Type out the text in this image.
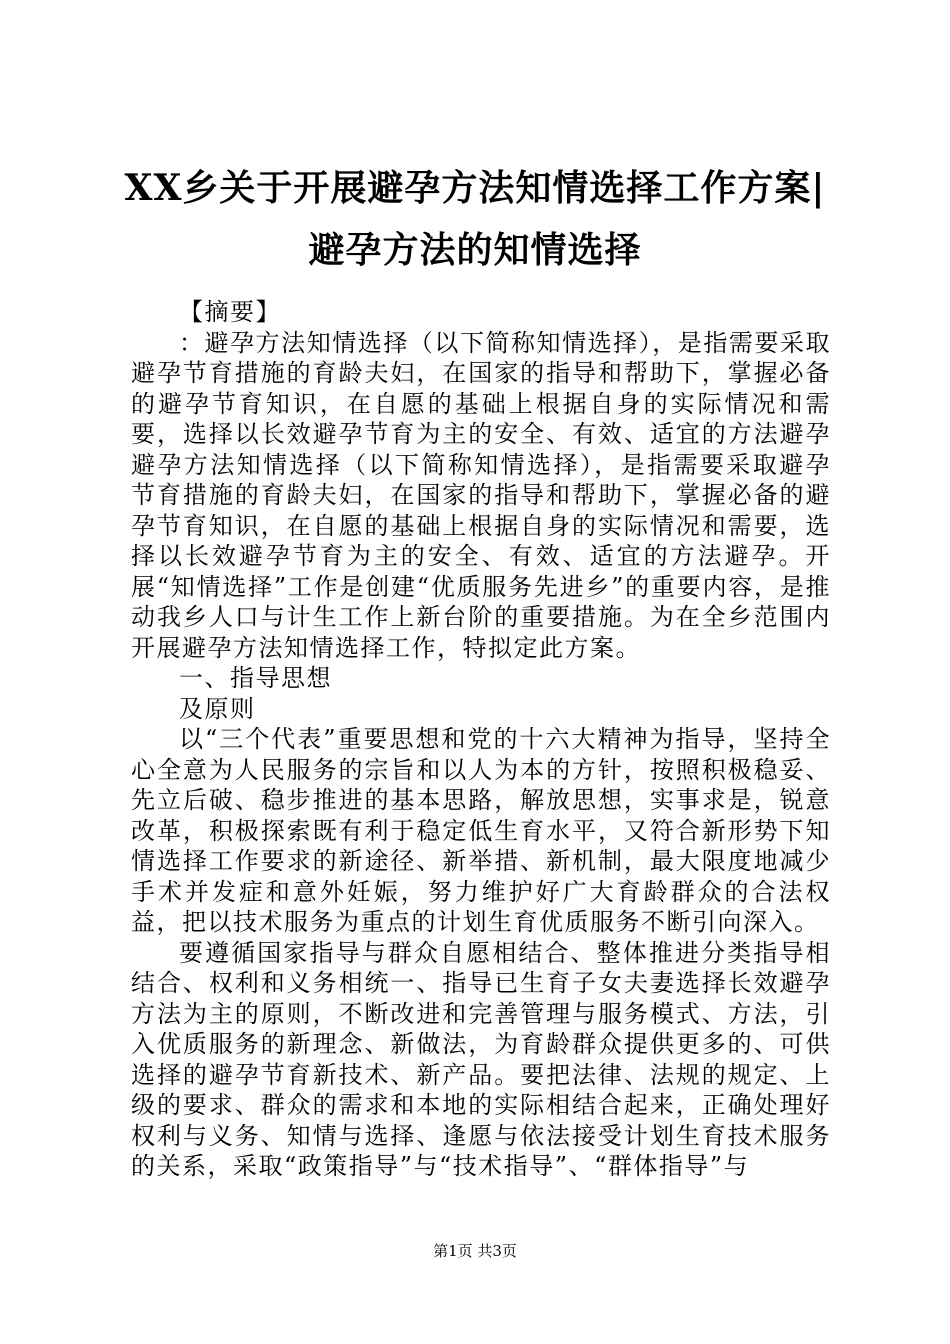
XX乡关于开展避孕方法知情选择工作方案|避孕方法的知情选择

【摘要】

：避孕方法知情选择（以下简称知情选择），是指需要采取避孕节育措施的育龄夫妇，在国家的指导和帮助下，掌握必备的避孕节育知识，在自愿的基础上根据自身的实际情况和需要，选择以长效避孕节育为主的安全、有效、适宜的方法避孕避孕方法知情选择（以下简称知情选择），是指需要采取避孕节育措施的育龄夫妇，在国家的指导和帮助下，掌握必备的避孕节育知识，在自愿的基础上根据自身的实际情况和需要，选择以长效避孕节育为主的安全、有效、适宜的方法避孕。开展“知情选择”工作是创建“优质服务先进乡”的重要内容，是推动我乡人口与计生工作上新台阶的重要措施。为在全乡范围内开展避孕方法知情选择工作，特拟定此方案。

一、指导思想

及原则

以“三个代表”重要思想和党的十六大精神为指导，坚持全心全意为人民服务的宗旨和以人为本的方针，按照积极稳妥、先立后破、稳步推进的基本思路，解放思想，实事求是，锐意改革，积极探索既有利于稳定低生育水平，又符合新形势下知情选择工作要求的新途径、新举措、新机制，最大限度地减少手术并发症和意外妊娠，努力维护好广大育龄群众的合法权益，把以技术服务为重点的计划生育优质服务不断引向深入。

要遵循国家指导与群众自愿相结合、整体推进分类指导相结合、权利和义务相统一、指导已生育子女夫妻选择长效避孕方法为主的原则，不断改进和完善管理与服务模式、方法，引入优质服务的新理念、新做法，为育龄群众提供更多的、可供选择的避孕节育新技术、新产品。要把法律、法规的规定、上级的要求、群众的需求和本地的实际相结合起来，正确处理好权利与义务、知情与选择、逢愿与依法接受计划生育技术服务的关系，采取“政策指导”与“技术指导”、“群体指导”与

第1页 共3页
